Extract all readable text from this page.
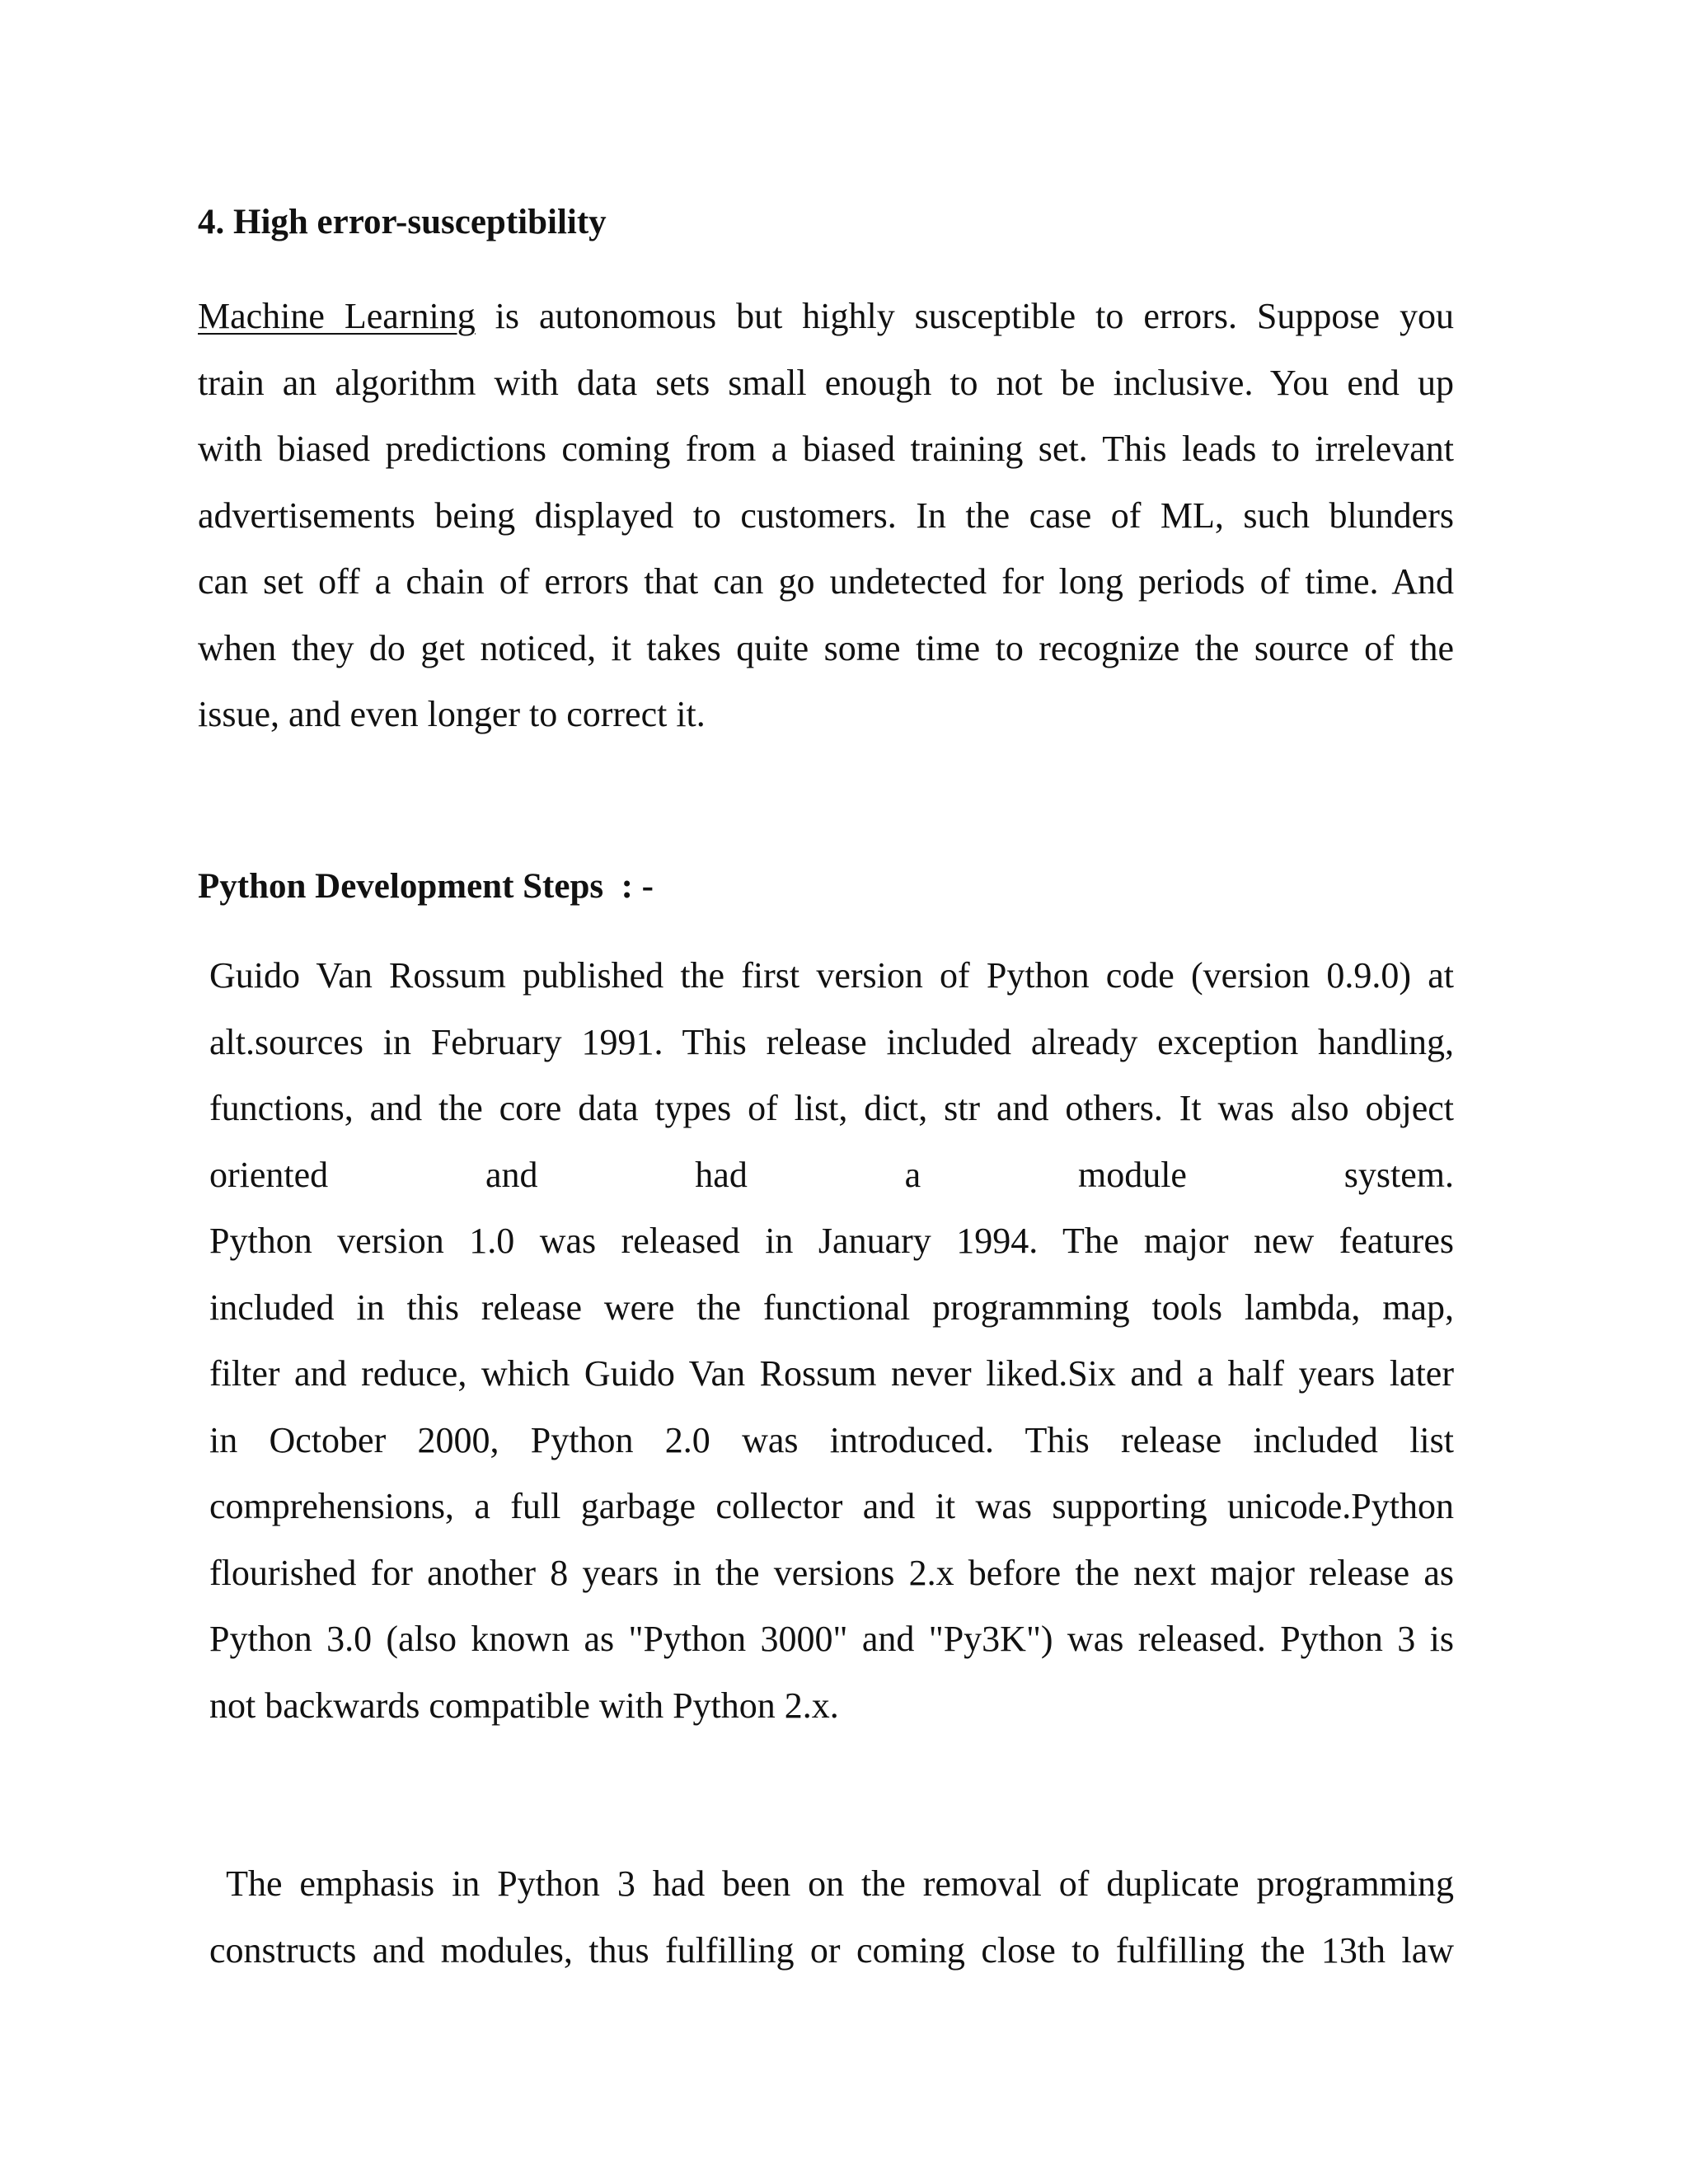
4. High error-susceptibility
Machine Learning is autonomous but highly susceptible to errors. Suppose you
train an algorithm with data sets small enough to not be inclusive. You end up
with biased predictions coming from a biased training set. This leads to irrelevant
advertisements being displayed to customers. In the case of ML, such blunders
can set off a chain of errors that can go undetected for long periods of time. And
when they do get noticed, it takes quite some time to recognize the source of the
issue, and even longer to correct it.
Python Development Steps  : -
Guido Van Rossum published the first version of Python code (version 0.9.0) at
alt.sources in February 1991. This release included already exception handling,
functions, and the core data types of list, dict, str and others. It was also object
oriented and had a module system.
Python version 1.0 was released in January 1994. The major new features
included in this release were the functional programming tools lambda, map,
filter and reduce, which Guido Van Rossum never liked.Six and a half years later
in October 2000, Python 2.0 was introduced. This release included list
comprehensions, a full garbage collector and it was supporting unicode.Python
flourished for another 8 years in the versions 2.x before the next major release as
Python 3.0 (also known as "Python 3000" and "Py3K") was released. Python 3 is
not backwards compatible with Python 2.x.
The emphasis in Python 3 had been on the removal of duplicate programming
constructs and modules, thus fulfilling or coming close to fulfilling the 13th law
